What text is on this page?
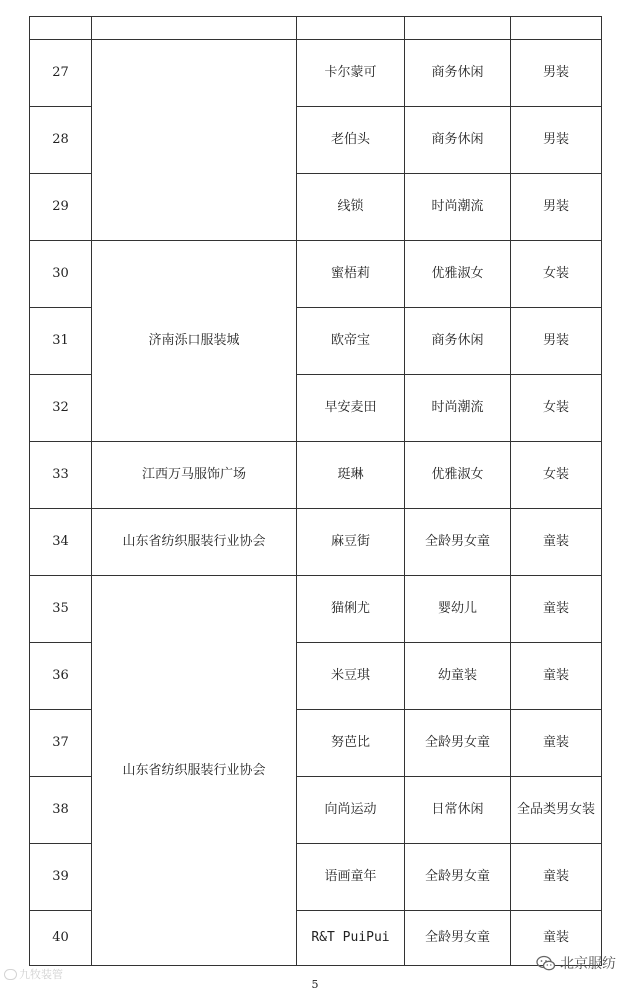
27		卡尔蒙可	商务休闲	男装
28		老伯头	商务休闲	男装
29		线锁	时尚潮流	男装
30	济南泺口服装城	蜜梧莉	优雅淑女	女装
31		欧帝宝	商务休闲	男装
32		早安麦田	时尚潮流	女装
33	江西万马服饰广场	珽琳	优雅淑女	女装
34	山东省纺织服装行业协会	麻豆街	全龄男女童	童装
35	山东省纺织服装行业协会	猫俐尤	婴幼儿	童装
36		米豆琪	幼童装	童装
37		努芭比	全龄男女童	童装
38		向尚运动	日常休闲	全品类男女装
39		语画童年	全龄男女童	童装
40		R&T PuiPui	全龄男女童	童装
九牧装管
北京服纺
5
